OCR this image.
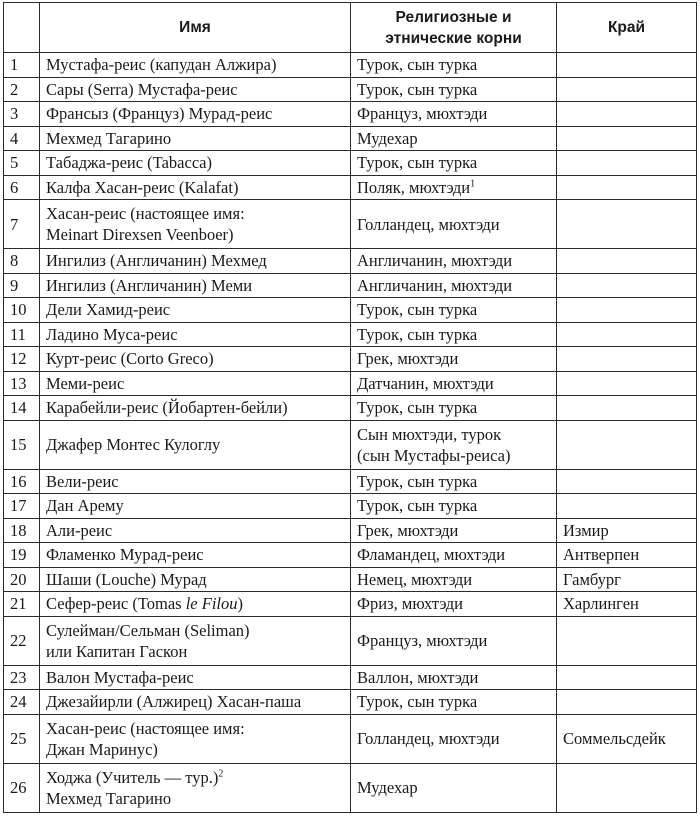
	Имя	Религиозные и
этнические корни	Край
1	Мустафа-реис (капудан Алжира)	Турок, сын турка	
2	Сары (Serra) Мустафа-реис	Турок, сын турка	
3	Франсыз (Француз) Мурад-реис	Француз, мюхтэди	
4	Мехмед Тагарино	Мудехар	
5	Табаджа-реис (Tabacca)	Турок, сын турка	
6	Калфа Хасан-реис (Kalafat)	Поляк, мюхтэди$^1$	
7	Хасан-реис (настоящее имя:
Meinart Direxsen Veenboer)	Голландец, мюхтэди	
8	Ингилиз (Англичанин) Мехмед	Англичанин, мюхтэди	
9	Ингилиз (Англичанин) Меми	Англичанин, мюхтэди	
10	Дели Хамид-реис	Турок, сын турка	
11	Ладино Муса-реис	Турок, сын турка	
12	Курт-реис (Corto Greco)	Грек, мюхтэди	
13	Меми-реис	Датчанин, мюхтэди	
14	Карабейли-реис (Йобартен-бейли)	Турок, сын турка	
15	Джафер Монтес Кулоглу	Сын мюхтэди, турок
(сын Мустафы-реиса)	

16	Вели-реис	Турок, сын турка	
17	Дан Арему	Турок, сын турка	
18	Али-реис	Грек, мюхтэди	Измир
19	Фламенко Мурад-реис	Фламандец, мюхтэди	Антверпен
20	Шаши (Louche) Мурад	Немец, мюхтэди	Гамбург
21	Сефер-реис (Tomas le Filou)	Фриз, мюхтэди	Харлинген
22	Сулейман/Сельман (Seliman)
или Капитан Гаскон	Француз, мюхтэди	
23	Валон Мустафа-реис	Валлон, мюхтэди	
24	Джезайирли (Алжирец) Хасан-паша	Турок, сын турка	
25	Хасан-реис (настоящее имя:
Джан Маринус)	Голландец, мюхтэди	Соммельсдейк
26	Ходжа (Учитель — тур.)$^2$
Мехмед Тагарино	Мудехар	
